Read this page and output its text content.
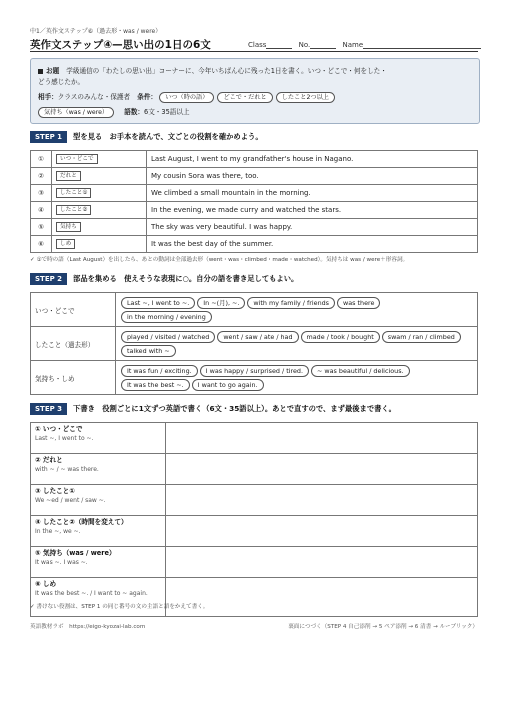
中1／英作文ステップ⑥（過去形・was / were）
英作文ステップ④—思い出の1日の6文	Class	No.	Name
お題 学級通信の「わたしの思い出」コーナーに、今年いちばん心に残った1日を書く。いつ・どこで・何をした・
どう感じたか。
相手：クラスのみんな・保護者 条件： いつ（時の語） どこで・だれと したこと2つ以上
気持ち（was / were） 語数：6文・35語以上
STEP 1	型を見る　お手本を読んで、文ごとの役割を確かめよう。
①	いつ・どこで	Last August, I went to my grandfather's house in Nagano.
②	だれと	My cousin Sora was there, too.
③	したこと①	We climbed a small mountain in the morning.
④	したこと②	In the evening, we made curry and watched the stars.
⑤	気持ち	The sky was very beautiful. I was happy.
⑥	しめ	It was the best day of the summer.
✓ ①で時の語（Last August）を出したら、あとの動詞は全部過去形（went・was・climbed・made・watched）。気持ちは was / were＋形容詞。
STEP 2	部品を集める　使えそうな表現に○。自分の語を書き足してもよい。
いつ・どこで	Last ~, I went to ~. In ~(月), ~. with my family / friends was therein the morning / evening
したこと（過去形）	played / visited / watched went / saw / ate / had made / took / bought swam / ran / climbedtalked with ~
気持ち・しめ	It was fun / exciting. I was happy / surprised / tired. ~ was beautiful / delicious.It was the best ~. I want to go again.
STEP 3	下書き　役割ごとに1文ずつ英語で書く（6文・35語以上）。あとで直すので、まず最後まで書く。
① いつ・どこで
Last ~, I went to ~.	

② だれと
with ~ / ~ was there.	

③ したこと①
We ~ed / went / saw ~.	

④ したこと②（時間を変えて）
In the ~, we ~.	

⑤ 気持ち（was / were）
It was ~. I was ~.	

⑥ しめ
It was the best ~. / I want to ~ again.	

✓ 書けない役割は、STEP 1 の同じ番号の文の主語と語をかえて書く。
英語教材ラボ　https://eigo-kyozai-lab.com	裏面につづく（STEP 4 自己添削 → 5 ペア添削 → 6 清書 → ルーブリック）
